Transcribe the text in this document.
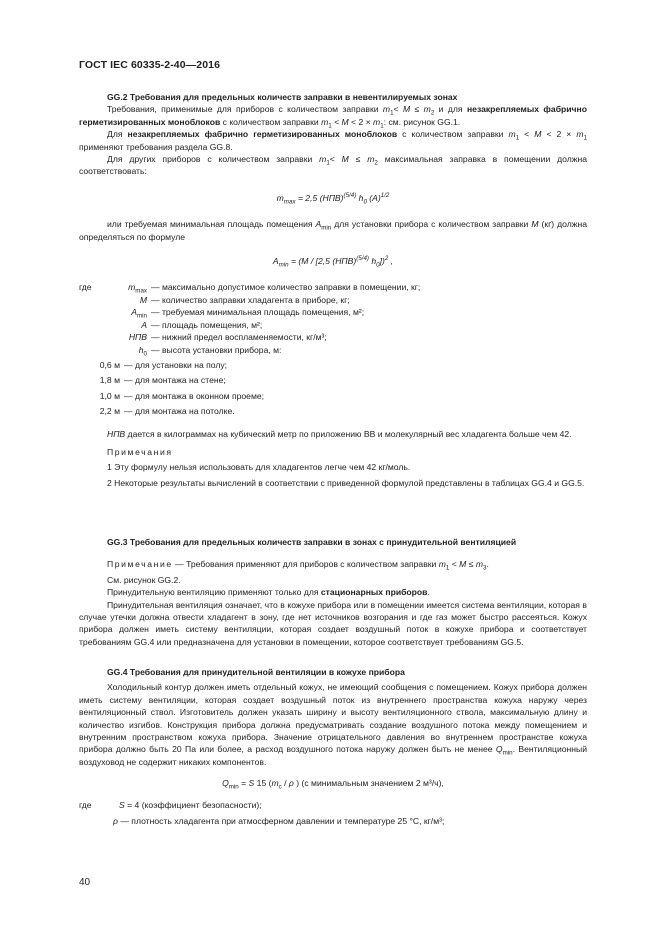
ГОСТ IEC 60335-2-40—2016

GG.2 Требования для предельных количеств заправки в невентилируемых зонах

Требования, применимые для приборов с количеством заправки $m_1< M \le m_2$ и для незакрепляемых фабрично герметизированных моноблоков с количеством заправки $m_1 < M < 2 \times m_1$: см. рисунок GG.1.

Для незакрепляемых фабрично герметизированных моноблоков с количеством заправки $m_1 < M < 2 \times m_1$ применяют требования раздела GG.8.

Для других приборов с количеством заправки $m_1< M \le m_2$ максимальная заправка в помещении должна соответствовать:

$m_{max} = 2,5$ (НПВ)$^{(5/4)}$ $h_0$ $(A)^{1/2}$

или требуемая минимальная площадь помещения $A_{min}$ для установки прибора с количеством заправки M (кг) должна определяться по формуле

$A_{min} = (M / [2,5$ (НПВ)$^{(5/4)}$ $h_0])^2$ ,

где	$m_{max}$ — максимально допустимое количество заправки в помещении, кг;
M — количество заправки хладагента в приборе, кг;
$A_{min}$ — требуемая минимальная площадь помещения, м²;
A — площадь помещения, м²;
НПВ — нижний предел воспламеняемости, кг/м³;
$h_0$ — высота установки прибора, м:
0,6 м — для установки на полу;
1,8 м — для монтажа на стене;
1,0 м — для монтажа в оконном проеме;
2,2 м — для монтажа на потолке.

НПВ дается в килограммах на кубический метр по приложению ВВ и молекулярный вес хладагента больше чем 42.

Примечания

1 Эту формулу нельзя использовать для хладагентов легче чем 42 кг/моль.

2 Некоторые результаты вычислений в соответствии с приведенной формулой представлены в таблицах GG.4 и GG.5.

GG.3 Требования для предельных количеств заправки в зонах с принудительной вентиляцией

Примечание — Требования применяют для приборов с количеством заправки $m_1 < M \le m_3$.

См. рисунок GG.2.

Принудительную вентиляцию применяют только для стационарных приборов.

Принудительная вентиляция означает, что в кожухе прибора или в помещении имеется система вентиляции, которая в случае утечки должна отвести хладагент в зону, где нет источников возгорания и где газ может быстро рассеяться. Кожух прибора должен иметь систему вентиляции, которая создает воздушный поток в кожухе прибора и соответствует требованиям GG.4 или предназначена для установки в помещении, которое соответствует требованиям GG.5.

GG.4 Требования для принудительной вентиляции в кожухе прибора

Холодильный контур должен иметь отдельный кожух, не имеющий сообщения с помещением. Кожух прибора должен иметь систему вентиляции, которая создает воздушный поток из внутреннего пространства кожуха наружу через вентиляционный ствол. Изготовитель должен указать ширину и высоту вентиляционного ствола, максимальную длину и количество изгибов. Конструкция прибора должна предусматривать создание воздушного потока между помещением и внутренним пространством кожуха прибора. Значение отрицательного давления во внутреннем пространстве кожуха прибора должно быть 20 Па или более, а расход воздушного потока наружу должен быть не менее $Q_{min}$. Вентиляционный воздуховод не содержит никаких компонентов.

$Q_{min} = S$ 15 ($m_c$ / ρ ) (с минимальным значением 2 м³/ч),

где	S = 4 (коэффициент безопасности);
ρ — плотность хладагента при атмосферном давлении и температуре 25 °C, кг/м³;
40
